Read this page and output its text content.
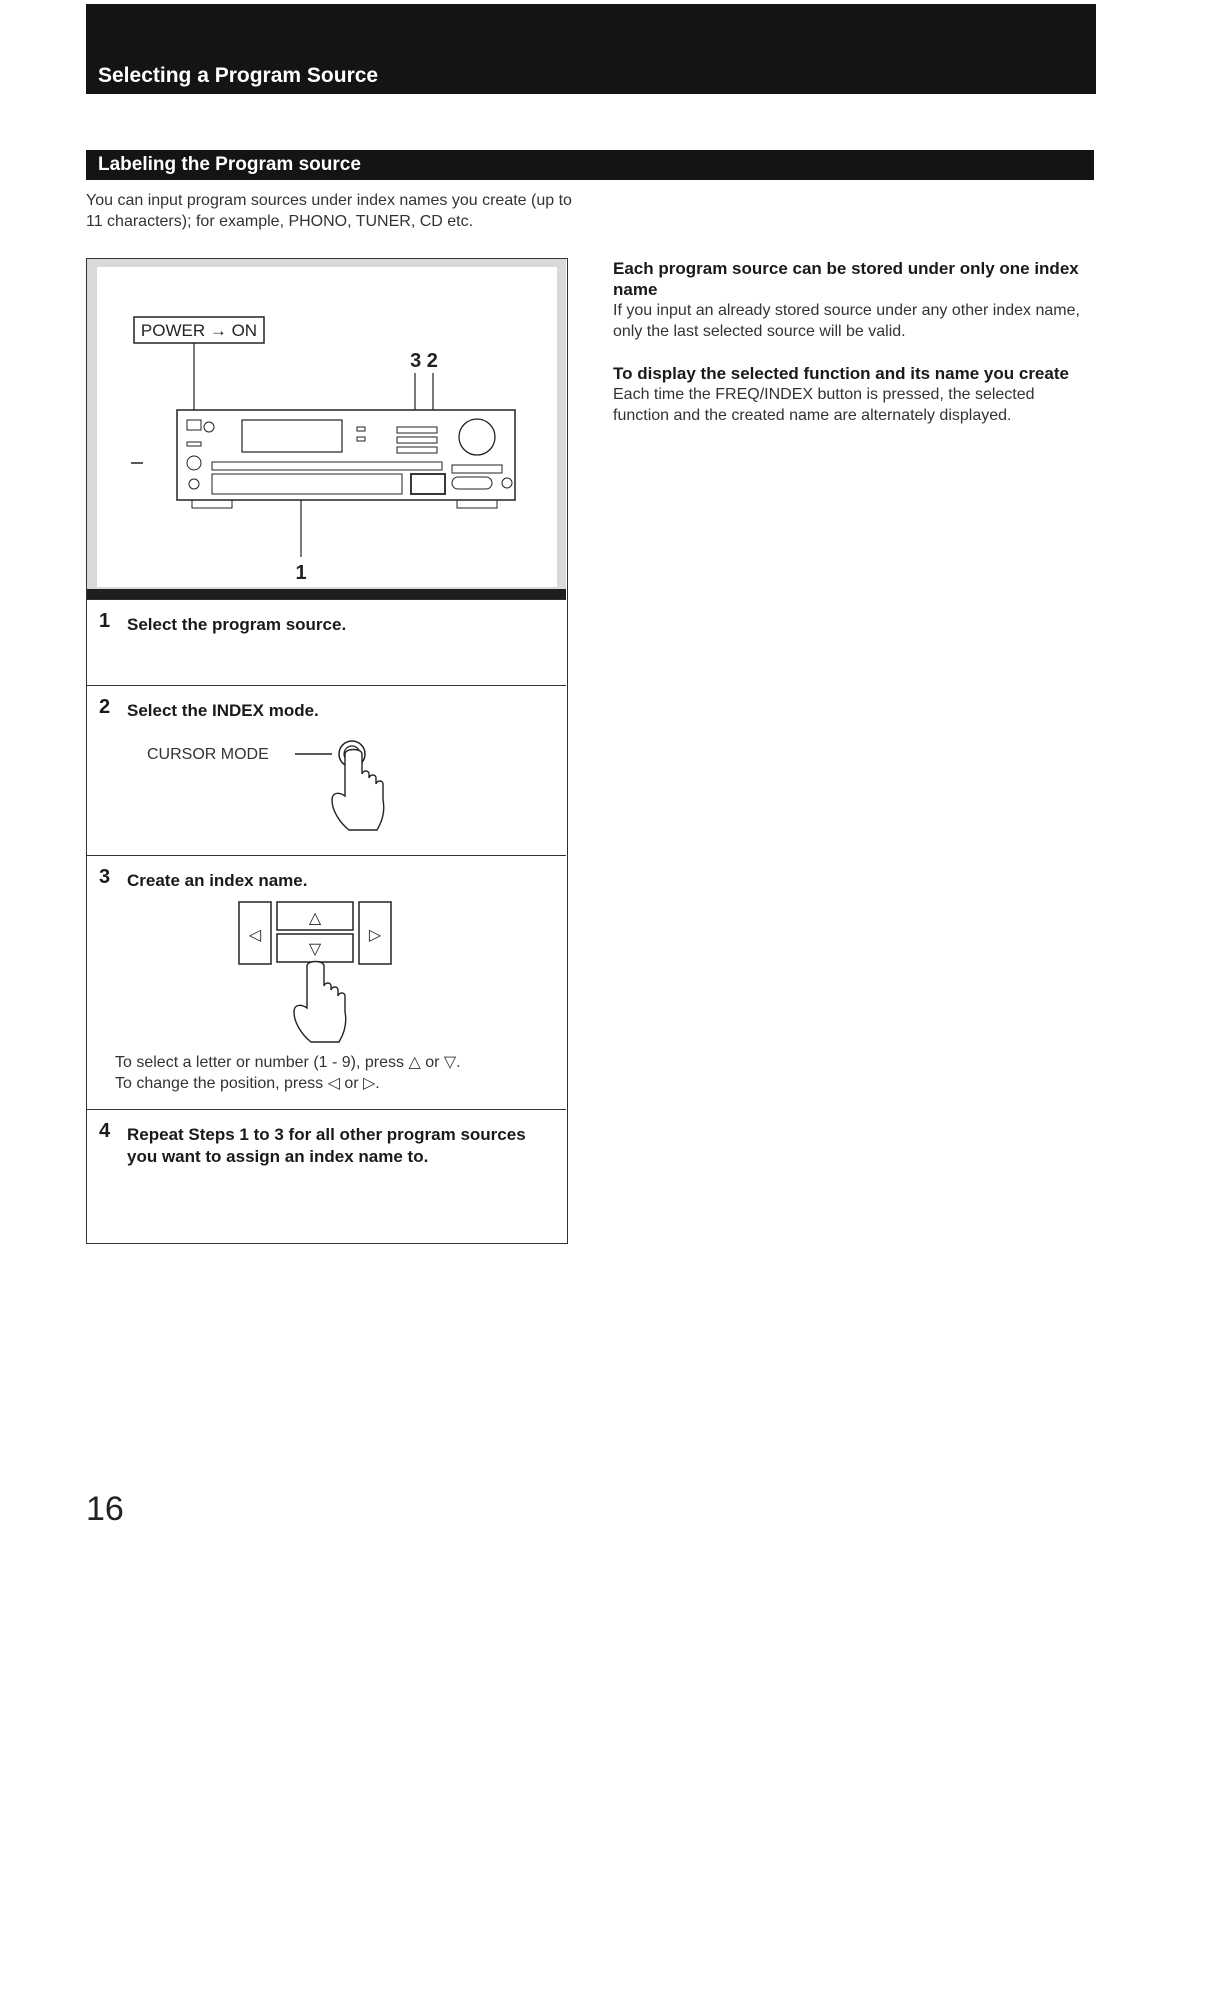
Selecting a Program Source
Labeling the Program source
You can input program sources under index names you create (up to 11 characters); for example, PHONO, TUNER, CD etc.
POWER → ON
3 2
1
1 Select the program source.
2 Select the INDEX mode.
CURSOR MODE
3 Create an index name.
◁
△
▽
▷
To select a letter or number (1 - 9), press △ or ▽.
To change the position, press ◁ or ▷.
4 Repeat Steps 1 to 3 for all other program sources you want to assign an index name to.
Each program source can be stored under only one index name

If you input an already stored source under any other index name, only the last selected source will be valid.

To display the selected function and its name you create

Each time the FREQ/INDEX button is pressed, the selected function and the created name are alternately displayed.

16
